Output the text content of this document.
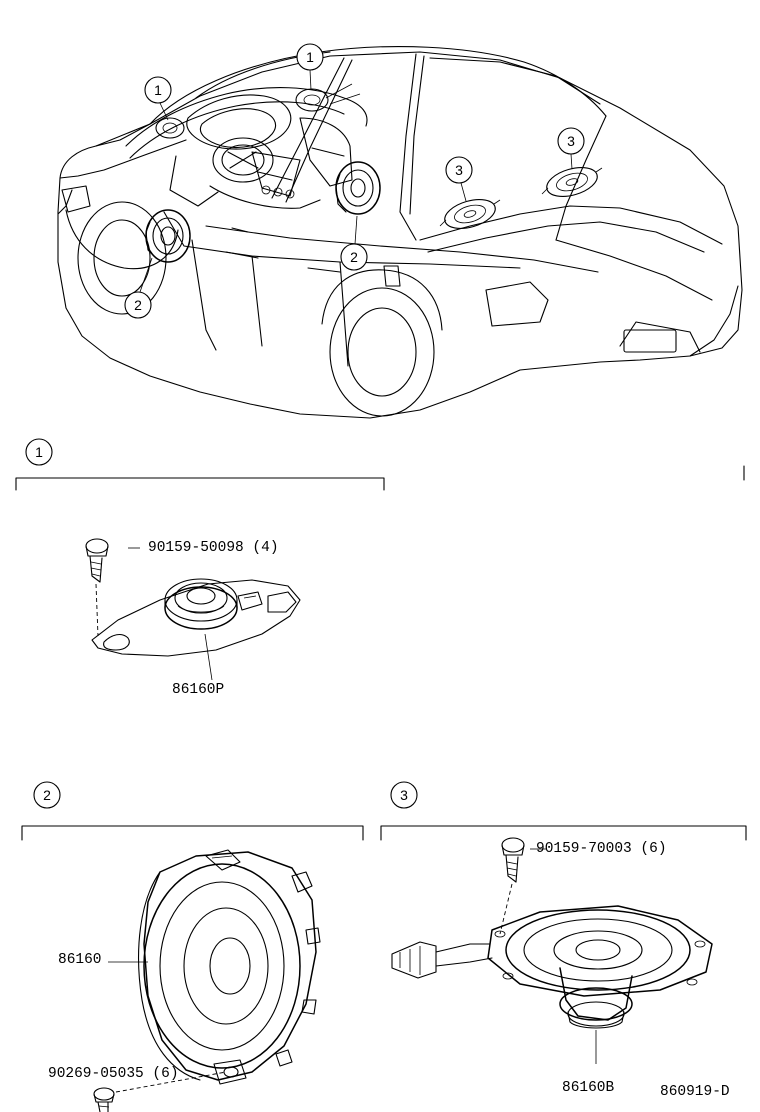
1
1
2
2
3
3
1
2	3
90159-50098 (4)
86160P
86160
90269-05035 (6)
90159-70003 (6)
86160B	860919-D
